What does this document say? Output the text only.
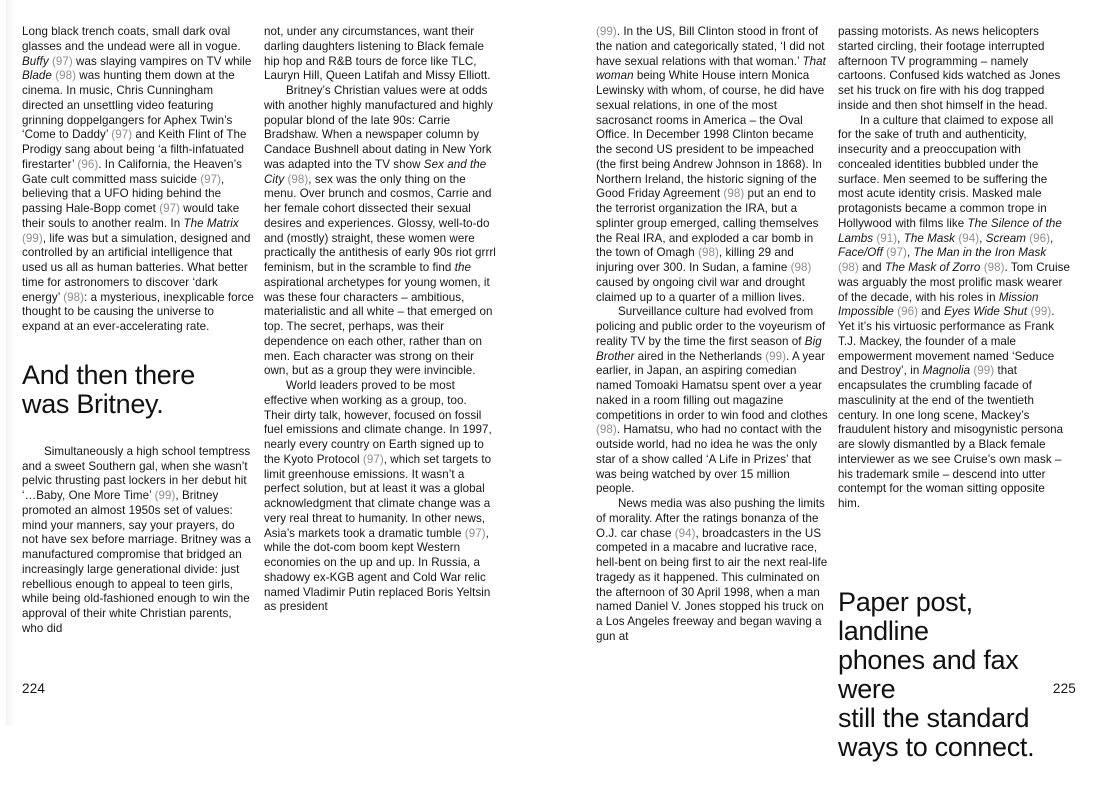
Long black trench coats, small dark oval glasses and the undead were all in vogue. Buffy (97) was slaying vampires on TV while Blade (98) was hunting them down at the cinema. In music, Chris Cunningham directed an unsettling video featuring grinning doppelgangers for Aphex Twin’s ‘Come to Daddy’ (97) and Keith Flint of The Prodigy sang about being ‘a filth-infatuated firestarter’ (96). In California, the Heaven’s Gate cult committed mass suicide (97), believing that a UFO hiding behind the passing Hale-Bopp comet (97) would take their souls to another realm. In The Matrix (99), life was but a simulation, designed and controlled by an artificial intelligence that used us all as human batteries. What better time for astronomers to discover ‘dark energy’ (98): a mysterious, inexplicable force thought to be causing the universe to expand at an ever-accelerating rate.

And then there
was Britney.

Simultaneously a high school temptress and a sweet Southern gal, when she wasn’t pelvic thrusting past lockers in her debut hit ‘…Baby, One More Time’ (99), Britney promoted an almost 1950s set of values: mind your manners, say your prayers, do not have sex before marriage. Britney was a manufactured compromise that bridged an increasingly large generational divide: just rebellious enough to appeal to teen girls, while being old-fashioned enough to win the approval of their white Christian parents, who did

not, under any circumstances, want their darling daughters listening to Black female hip hop and R&B tours de force like TLC, Lauryn Hill, Queen Latifah and Missy Elliott.

Britney’s Christian values were at odds with another highly manufactured and highly popular blond of the late 90s: Carrie Bradshaw. When a newspaper column by Candace Bushnell about dating in New York was adapted into the TV show Sex and the City (98), sex was the only thing on the menu. Over brunch and cosmos, Carrie and her female cohort dissected their sexual desires and experiences. Glossy, well-to-do and (mostly) straight, these women were practically the antithesis of early 90s riot grrrl feminism, but in the scramble to find the aspirational archetypes for young women, it was these four characters – ambitious, materialistic and all white – that emerged on top. The secret, perhaps, was their dependence on each other, rather than on men. Each character was strong on their own, but as a group they were invincible.

World leaders proved to be most effective when working as a group, too. Their dirty talk, however, focused on fossil fuel emissions and climate change. In 1997, nearly every country on Earth signed up to the Kyoto Protocol (97), which set targets to limit greenhouse emissions. It wasn’t a perfect solution, but at least it was a global acknowledgment that climate change was a very real threat to humanity. In other news, Asia’s markets took a dramatic tumble (97), while the dot-com boom kept Western economies on the up and up. In Russia, a shadowy ex-KGB agent and Cold War relic named Vladimir Putin replaced Boris Yeltsin as president

(99). In the US, Bill Clinton stood in front of the nation and categorically stated, ‘I did not have sexual relations with that woman.’ That woman being White House intern Monica Lewinsky with whom, of course, he did have sexual relations, in one of the most sacrosanct rooms in America – the Oval Office. In December 1998 Clinton became the second US president to be impeached (the first being Andrew Johnson in 1868). In Northern Ireland, the historic signing of the Good Friday Agreement (98) put an end to the terrorist organization the IRA, but a splinter group emerged, calling themselves the Real IRA, and exploded a car bomb in the town of Omagh (98), killing 29 and injuring over 300. In Sudan, a famine (98) caused by ongoing civil war and drought claimed up to a quarter of a million lives.

Surveillance culture had evolved from policing and public order to the voyeurism of reality TV by the time the first season of Big Brother aired in the Netherlands (99). A year earlier, in Japan, an aspiring comedian named Tomoaki Hamatsu spent over a year naked in a room filling out magazine competitions in order to win food and clothes (98). Hamatsu, who had no contact with the outside world, had no idea he was the only star of a show called ‘A Life in Prizes’ that was being watched by over 15 million people.

News media was also pushing the limits of morality. After the ratings bonanza of the O.J. car chase (94), broadcasters in the US competed in a macabre and lucrative race, hell-bent on being first to air the next real-life tragedy as it happened. This culminated on the afternoon of 30 April 1998, when a man named Daniel V. Jones stopped his truck on a Los Angeles freeway and began waving a gun at

passing motorists. As news helicopters started circling, their footage interrupted afternoon TV programming – namely cartoons. Confused kids watched as Jones set his truck on fire with his dog trapped inside and then shot himself in the head.

In a culture that claimed to expose all for the sake of truth and authenticity, insecurity and a preoccupation with concealed identities bubbled under the surface. Men seemed to be suffering the most acute identity crisis. Masked male protagonists became a common trope in Hollywood with films like The Silence of the Lambs (91), The Mask (94), Scream (96), Face/Off (97), The Man in the Iron Mask (98) and The Mask of Zorro (98). Tom Cruise was arguably the most prolific mask wearer of the decade, with his roles in Mission Impossible (96) and Eyes Wide Shut (99). Yet it’s his virtuosic performance as Frank T.J. Mackey, the founder of a male empowerment movement named ‘Seduce and Destroy’, in Magnolia (99) that encapsulates the crumbling facade of masculinity at the end of the twentieth century. In one long scene, Mackey’s fraudulent history and misogynistic persona are slowly dismantled by a Black female interviewer as we see Cruise’s own mask – his trademark smile – descend into utter contempt for the woman sitting opposite him.

Paper post, landline
phones and fax were
still the standard
ways to connect.
224	225
